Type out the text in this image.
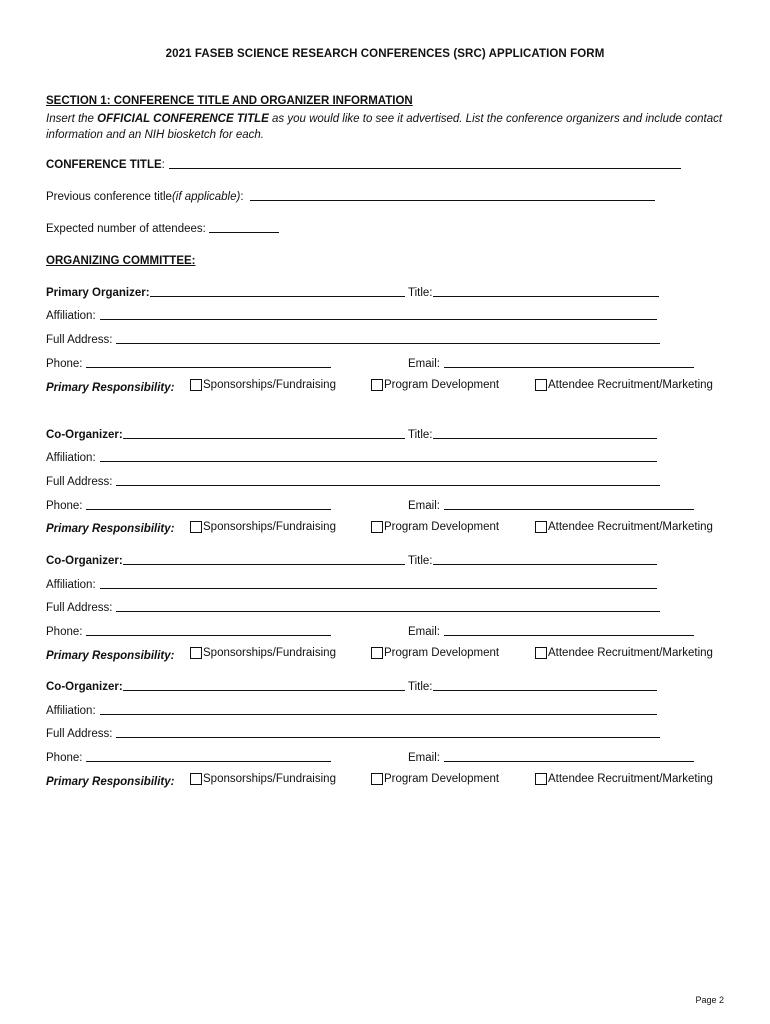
2021 FASEB SCIENCE RESEARCH CONFERENCES (SRC) APPLICATION FORM
SECTION 1: CONFERENCE TITLE AND ORGANIZER INFORMATION
Insert the OFFICIAL CONFERENCE TITLE as you would like to see it advertised. List the conference organizers and include contact information and an NIH biosketch for each.
CONFERENCE TITLE :
Previous conference title (if applicable) :
Expected number of attendees:
ORGANIZING COMMITTEE:
Primary Organizer:	Title:
Affiliation:
Full Address:
Phone:	Email:
Primary Responsibility: Sponsorships/Fundraising	Program Development	Attendee Recruitment/Marketing
Co-Organizer:	Title:
Affiliation:
Full Address:
Phone:	Email:
Primary Responsibility: Sponsorships/Fundraising	Program Development	Attendee Recruitment/Marketing
Co-Organizer:	Title:
Affiliation:
Full Address:
Phone:	Email:
Primary Responsibility: Sponsorships/Fundraising	Program Development	Attendee Recruitment/Marketing
Co-Organizer:	Title:
Affiliation:
Full Address:
Phone:	Email:
Primary Responsibility: Sponsorships/Fundraising	Program Development	Attendee Recruitment/Marketing
Page 2
